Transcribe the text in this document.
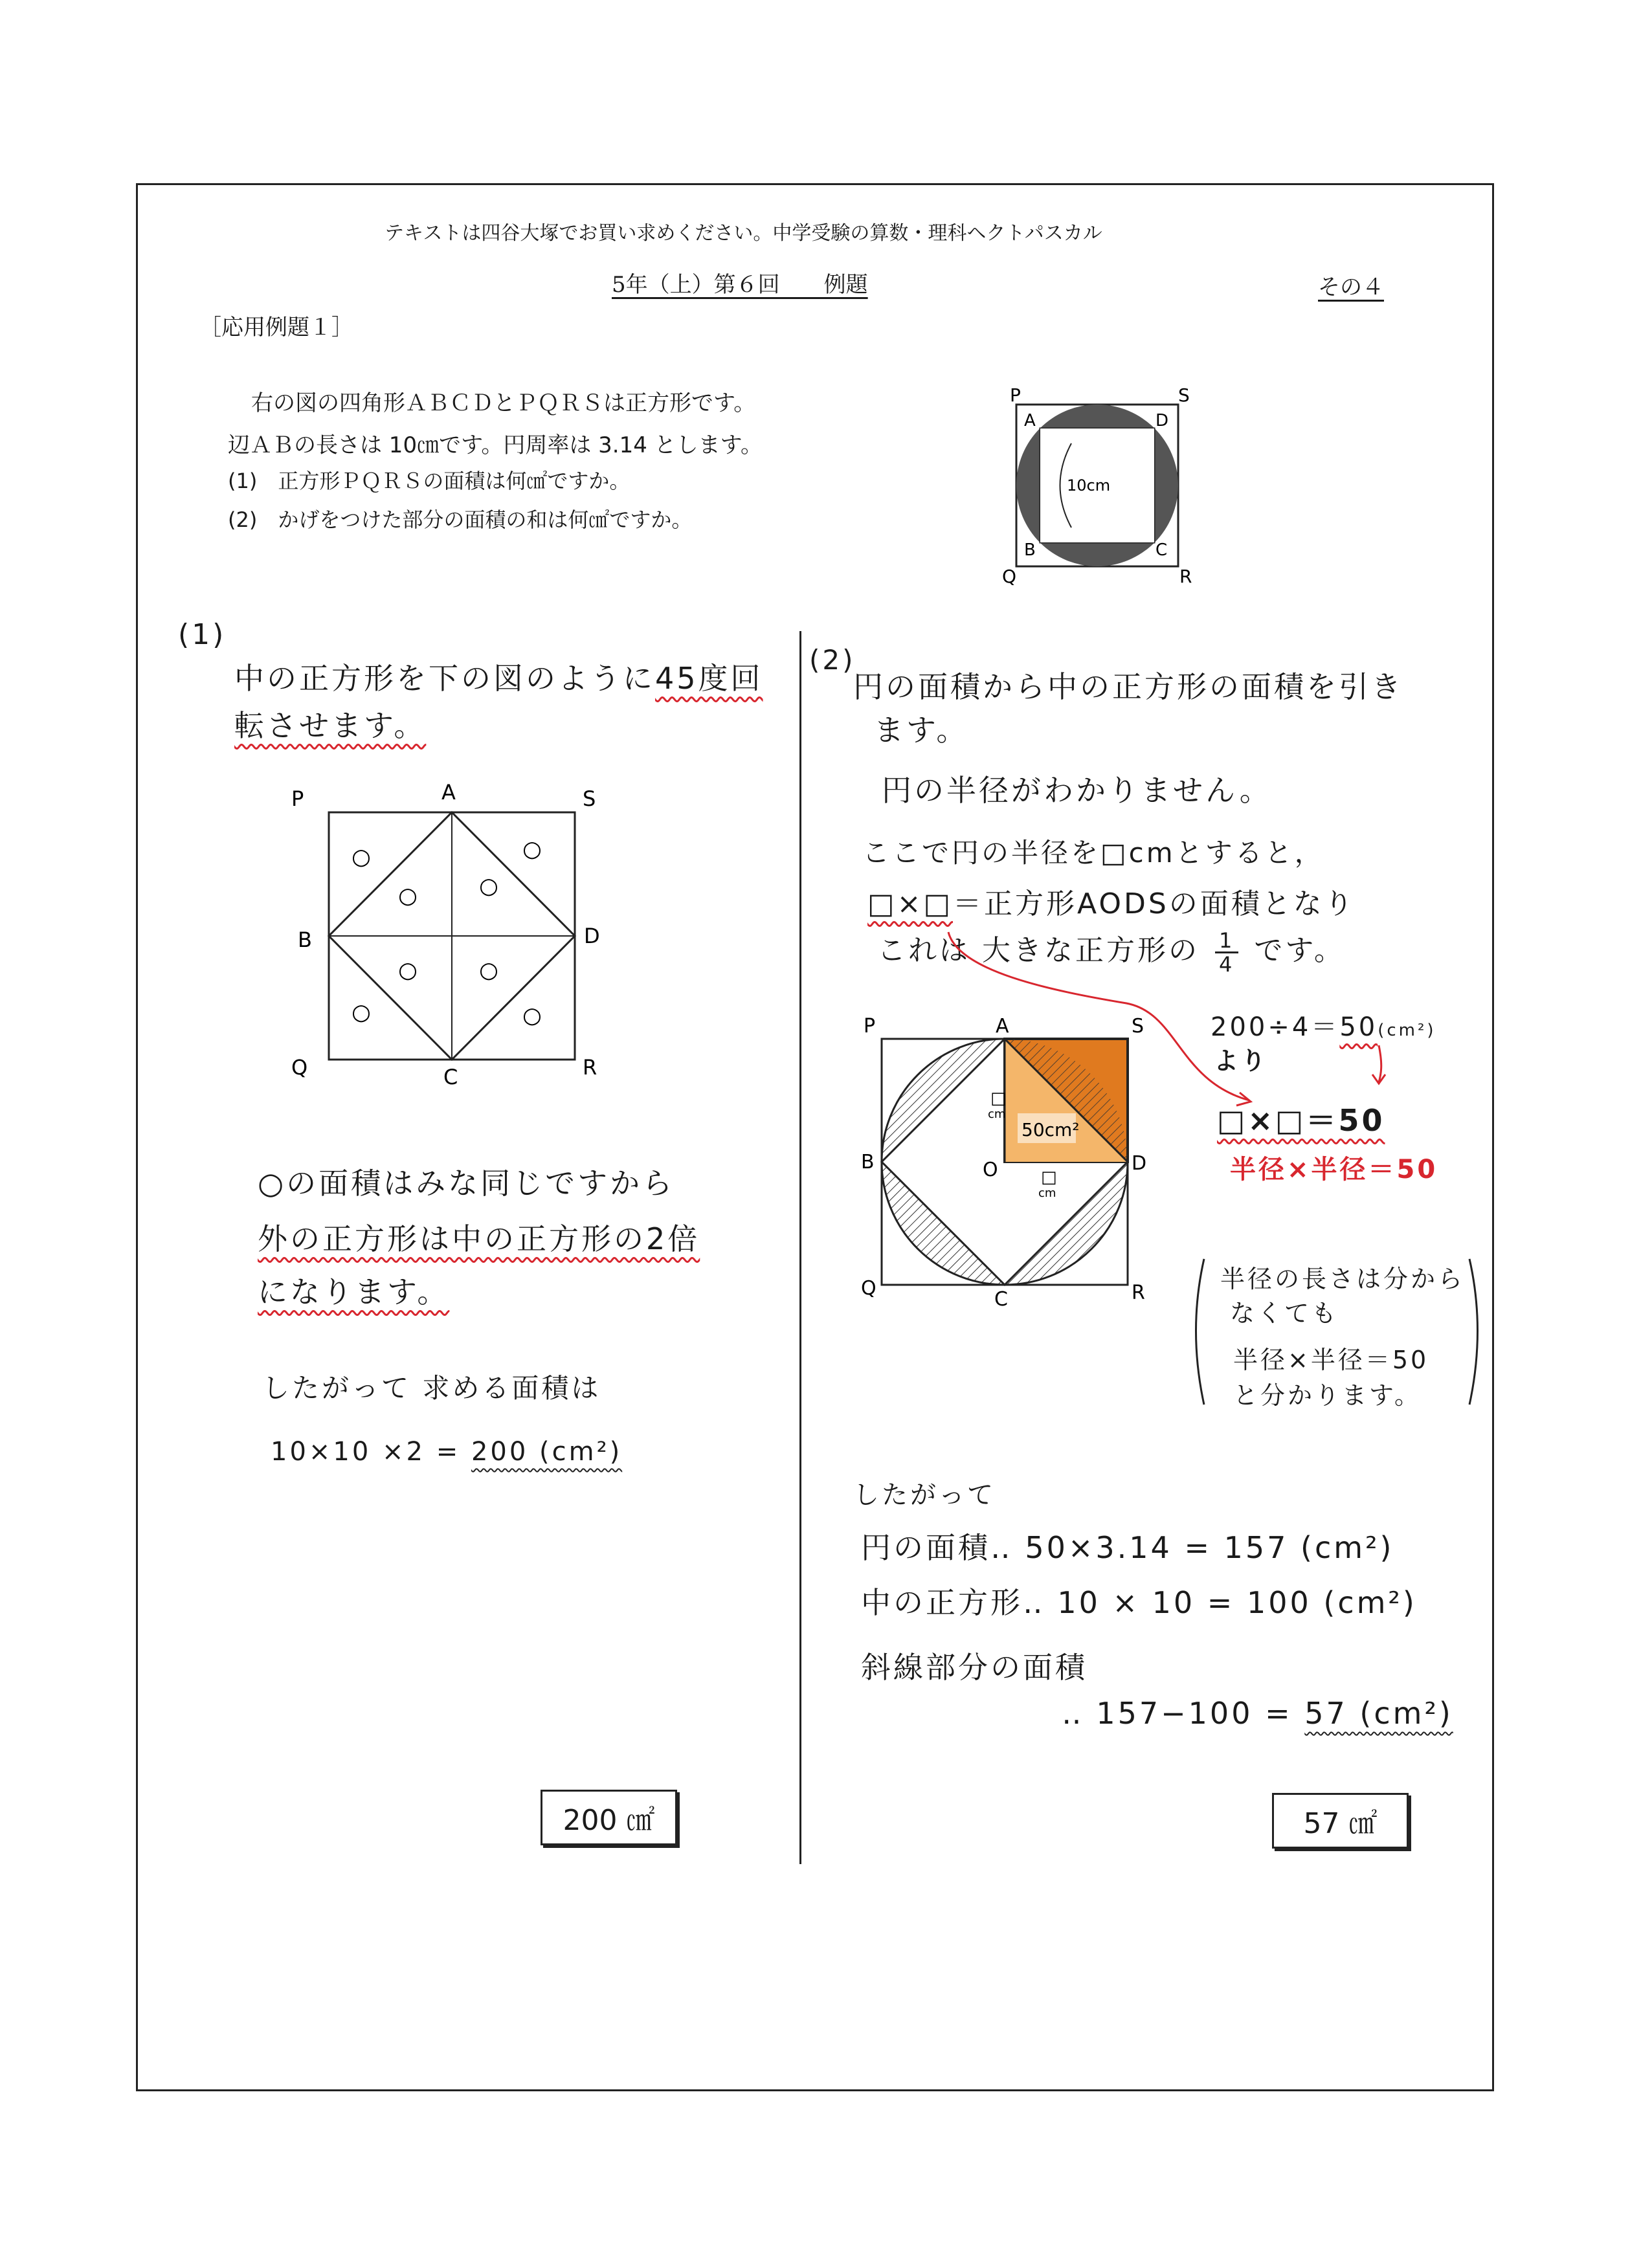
テキストは四谷大塚でお買い求めください。中学受験の算数・理科ヘクトパスカル
5年（上）第６回　　例題	その４
［応用例題１］
右の図の四角形ＡＢＣＤとＰＱＲＳは正方形です。
辺ＡＢの長さは 10㎝です。円周率は 3.14 とします。
(1)　正方形ＰＱＲＳの面積は何㎠ですか。
(2)　かげをつけた部分の面積の和は何㎠ですか。
10cm
P	S
A	D
B	C
Q	R
(1)
中の正方形を下の図のように45度回
転させます。
○	○
○	○
○	○
○	○
P	A	S
B	D
Q	C	R
○の面積はみな同じですから
外の正方形は中の正方形の2倍
になります。
したがって 求める面積は
10×10 ×2 = 200 (cm²)
200 ㎠
(2)
円の面積から中の正方形の面積を引き
ます。
円の半径がわかりません。
ここで円の半径を□cmとすると，
□×□＝正方形AODSの面積となり
これは 大きな正方形の $\frac{1}{4}$ です。
50cm²
□
cm
□
cm
P	A	S
B	O	D
Q	C	R
200÷4＝50(cm²)
より
□×□＝50
半径×半径＝50
半径の長さは分から
なくても
半径×半径＝50
と分かります。
したがって
円の面積‥ 50×3.14 = 157 (cm²)
中の正方形‥ 10 × 10 = 100 (cm²)
斜線部分の面積
‥ 157−100 = 57 (cm²)
57 ㎠
